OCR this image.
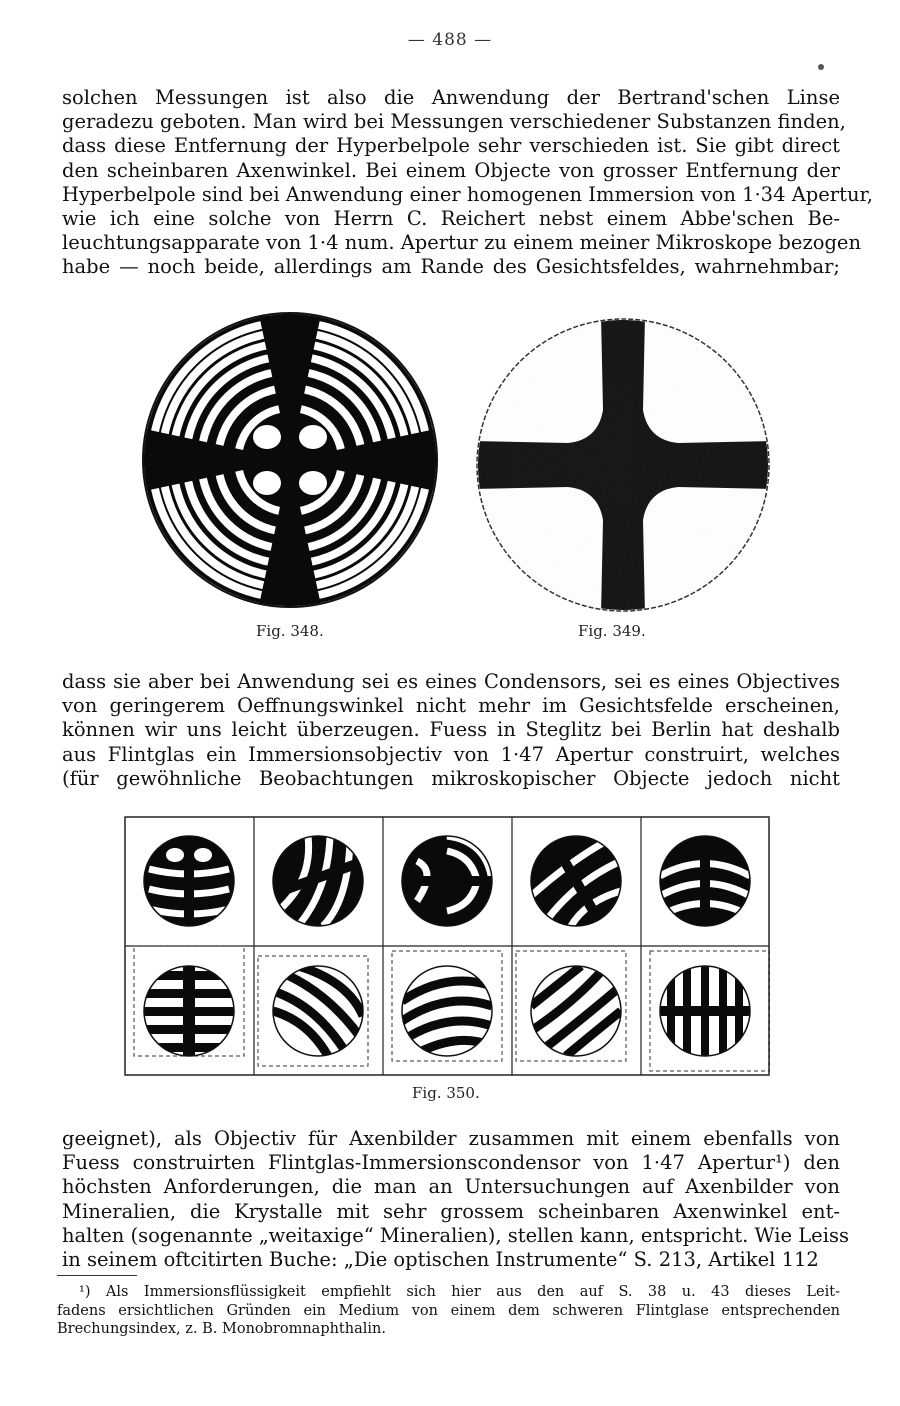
— 488 —

solchen Messungen ist also die Anwendung der Bertrand'schen Linse
geradezu geboten. Man wird bei Messungen verschiedener Substanzen finden,
dass diese Entfernung der Hyperbelpole sehr verschieden ist. Sie gibt direct
den scheinbaren Axenwinkel. Bei einem Objecte von grosser Entfernung der
Hyperbelpole sind bei Anwendung einer homogenen Immersion von 1·34 Apertur,
wie ich eine solche von Herrn C. Reichert nebst einem Abbe'schen Be-
leuchtungsapparate von 1·4 num. Apertur zu einem meiner Mikroskope bezogen
habe — noch beide, allerdings am Rande des Gesichtsfeldes, wahrnehmbar;

Fig. 348.	Fig. 349.

dass sie aber bei Anwendung sei es eines Condensors, sei es eines Objectives
von geringerem Oeffnungswinkel nicht mehr im Gesichtsfelde erscheinen,
können wir uns leicht überzeugen. Fuess in Steglitz bei Berlin hat deshalb
aus Flintglas ein Immersionsobjectiv von 1·47 Apertur construirt, welches
(für gewöhnliche Beobachtungen mikroskopischer Objecte jedoch nicht

Fig. 350.

geeignet), als Objectiv für Axenbilder zusammen mit einem ebenfalls von
Fuess construirten Flintglas-Immersionscondensor von 1·47 Apertur¹) den
höchsten Anforderungen, die man an Untersuchungen auf Axenbilder von
Mineralien, die Krystalle mit sehr grossem scheinbaren Axenwinkel ent-
halten (sogenannte „weitaxige“ Mineralien), stellen kann, entspricht. Wie Leiss
in seinem oftcitirten Buche: „Die optischen Instrumente“ S. 213, Artikel 112

¹) Als Immersionsflüssigkeit empfiehlt sich hier aus den auf S. 38 u. 43 dieses Leit-
fadens ersichtlichen Gründen ein Medium von einem dem schweren Flintglase entsprechenden
Brechungsindex, z. B. Monobromnaphthalin.
